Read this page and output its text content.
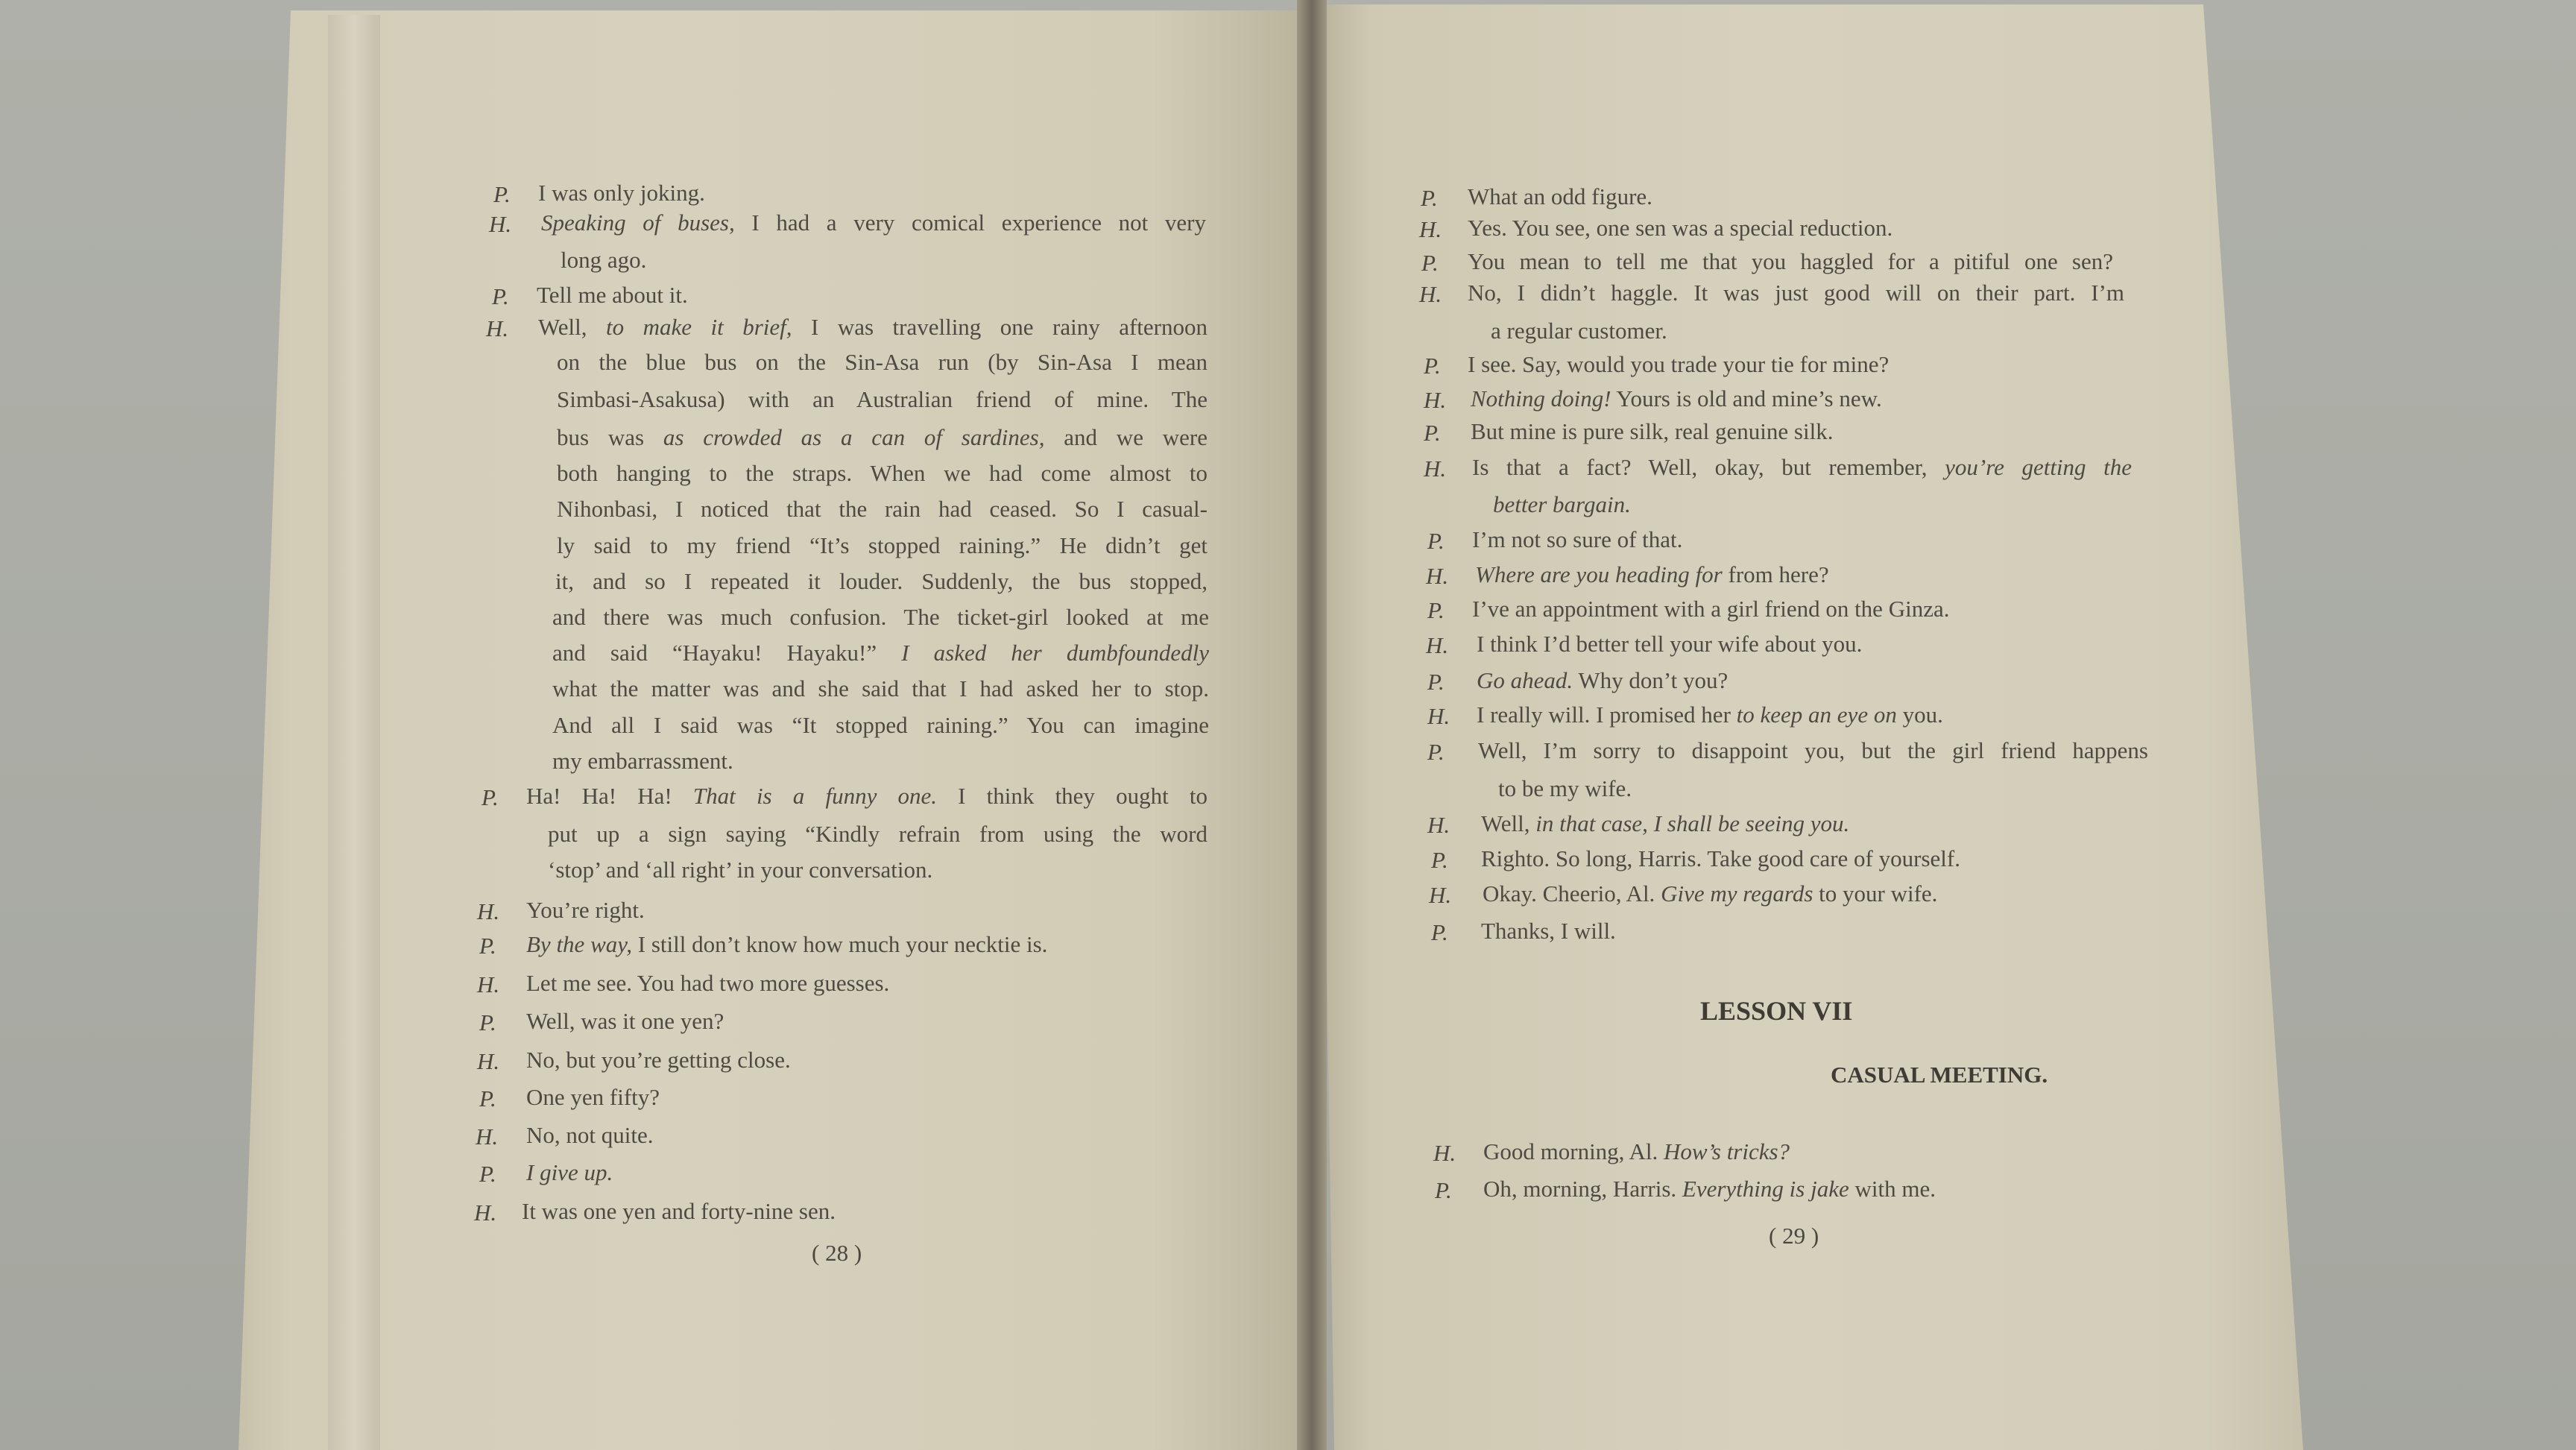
P. I was only joking.
H. Speaking of buses, I had a very comical experience not very
long ago.
P. Tell me about it.
H. Well, to make it brief, I was travelling one rainy afternoon
on the blue bus on the Sin-Asa run (by Sin-Asa I mean
Simbasi-Asakusa) with an Australian friend of mine. The
bus was as crowded as a can of sardines, and we were
both hanging to the straps. When we had come almost to
Nihonbasi, I noticed that the rain had ceased. So I casual-
ly said to my friend “It’s stopped raining.” He didn’t get
it, and so I repeated it louder. Suddenly, the bus stopped,
and there was much confusion. The ticket-girl looked at me
and said “Hayaku! Hayaku!” I asked her dumbfoundedly
what the matter was and she said that I had asked her to stop.
And all I said was “It stopped raining.” You can imagine
my embarrassment.
P. Ha! Ha! Ha! That is a funny one. I think they ought to
put up a sign saying “Kindly refrain from using the word
‘stop’ and ‘all right’ in your conversation.
H. You’re right.
P. By the way, I still don’t know how much your necktie is.
H. Let me see. You had two more guesses.
P. Well, was it one yen?
H. No, but you’re getting close.
P. One yen fifty?
H. No, not quite.
P. I give up.
H. It was one yen and forty-nine sen.
P. What an odd figure.
H. Yes. You see, one sen was a special reduction.
P. You mean to tell me that you haggled for a pitiful one sen?
H. No, I didn’t haggle. It was just good will on their part. I’m
a regular customer.
P. I see. Say, would you trade your tie for mine?
H. Nothing doing! Yours is old and mine’s new.
P. But mine is pure silk, real genuine silk.
H. Is that a fact? Well, okay, but remember, you’re getting the
better bargain.
P. I’m not so sure of that.
H. Where are you heading for from here?
P. I’ve an appointment with a girl friend on the Ginza.
H. I think I’d better tell your wife about you.
P. Go ahead. Why don’t you?
H. I really will. I promised her to keep an eye on you.
P. Well, I’m sorry to disappoint you, but the girl friend happens
to be my wife.
H. Well, in that case, I shall be seeing you.
P. Righto. So long, Harris. Take good care of yourself.
H. Okay. Cheerio, Al. Give my regards to your wife.
P. Thanks, I will.
H. Good morning, Al. How’s tricks?
P. Oh, morning, Harris. Everything is jake with me.
( 28 )
( 29 )
LESSON VII
CASUAL MEETING.
